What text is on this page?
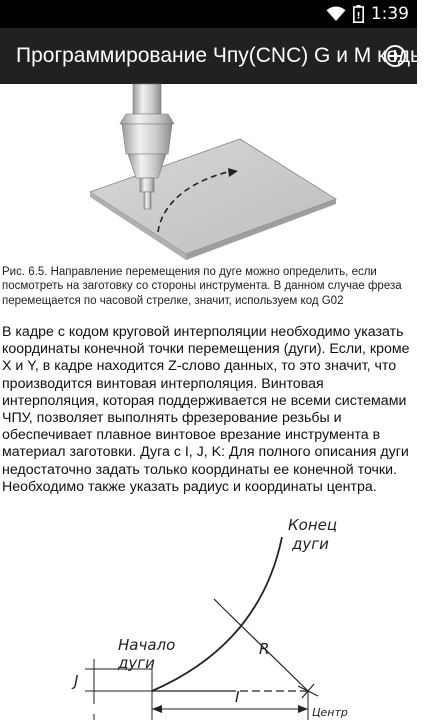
! 1:39
Программирование Чпу(CNC) G и М коды
Рис. 6.5. Направление перемещения по дуге можно определить, если посмотреть на заготовку со стороны инструмента. В данном случае фреза перемещается по часовой стрелке, значит, используем код G02
В кадре с кодом круговой интерполяции необходимо указать координаты конечной точки перемещения (дуги). Если, кроме X и Y, в кадре находится Z-слово данных, то это значит, что производится винтовая интерполяция. Винтовая интерполяция, которая поддерживается не всеми системами ЧПУ, позволяет выполнять фрезерование резьбы и обеспечивает плавное винтовое врезание инструмента в материал заготовки. Дуга с I, J, K: Для полного описания дуги недостаточно задать только координаты ее конечной точки. Необходимо также указать радиус и координаты центра.
Конец
дуги
Начало
дуги
R
I
J
Центр
